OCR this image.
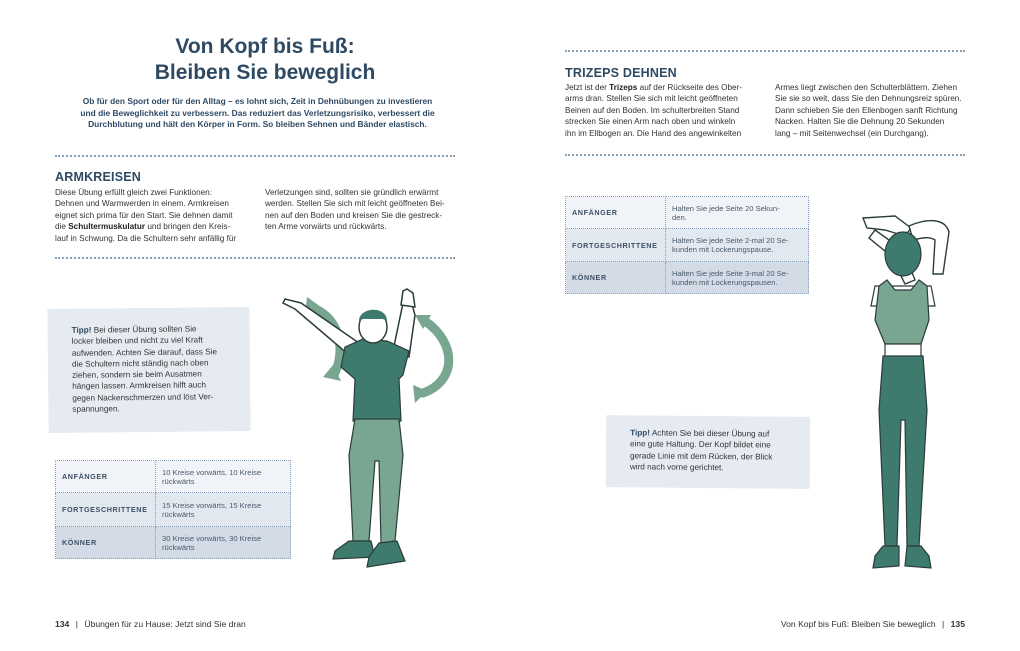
Von Kopf bis Fuß:
Bleiben Sie beweglich
Ob für den Sport oder für den Alltag – es lohnt sich, Zeit in Dehnübungen zu investieren
und die Beweglichkeit zu verbessern. Das reduziert das Verletzungsrisiko, verbessert die
Durchblutung und hält den Körper in Form. So bleiben Sehnen und Bänder elastisch.
ARMKREISEN
Diese Übung erfüllt gleich zwei Funktionen:
Dehnen und Warmwerden in einem. Armkreisen
eignet sich prima für den Start. Sie dehnen damit
die Schultermuskulatur und bringen den Kreis-
lauf in Schwung. Da die Schultern sehr anfällig für
Verletzungen sind, sollten sie gründlich erwärmt
werden. Stellen Sie sich mit leicht geöffneten Bei-
nen auf den Boden und kreisen Sie die gestreck-
ten Arme vorwärts und rückwärts.
Tipp! Bei dieser Übung sollten Sie
locker bleiben und nicht zu viel Kraft
aufwenden. Achten Sie darauf, dass Sie
die Schultern nicht ständig nach oben
ziehen, sondern sie beim Ausatmen
hängen lassen. Armkreisen hilft auch
gegen Nackenschmerzen und löst Ver-
spannungen.
ANFÄNGER	10 Kreise vorwärts, 10 Kreise
rückwärts

FORTGESCHRITTENE	15 Kreise vorwärts, 15 Kreise
rückwärts

KÖNNER	30 Kreise vorwärts, 30 Kreise
rückwärts
134 | Übungen für zu Hause: Jetzt sind Sie dran
TRIZEPS DEHNEN
Jetzt ist der Trizeps auf der Rückseite des Ober-
arms dran. Stellen Sie sich mit leicht geöffneten
Beinen auf den Boden. Im schulterbreiten Stand
strecken Sie einen Arm nach oben und winkeln
ihn im Ellbogen an. Die Hand des angewinkelten
Armes liegt zwischen den Schulterblättern. Ziehen
Sie sie so weit, dass Sie den Dehnungsreiz spüren.
Dann schieben Sie den Ellenbogen sanft Richtung
Nacken. Halten Sie die Dehnung 20 Sekunden
lang – mit Seitenwechsel (ein Durchgang).
ANFÄNGER	Halten Sie jede Seite 20 Sekun-
den.

FORTGESCHRITTENE	Halten Sie jede Seite 2-mal 20 Se-
kunden mit Lockerungspause.

KÖNNER	Halten Sie jede Seite 3-mal 20 Se-
kunden mit Lockerungspausen.
Tipp! Achten Sie bei dieser Übung auf
eine gute Haltung. Der Kopf bildet eine
gerade Linie mit dem Rücken, der Blick
wird nach vorne gerichtet.
Von Kopf bis Fuß: Bleiben Sie beweglich | 135
